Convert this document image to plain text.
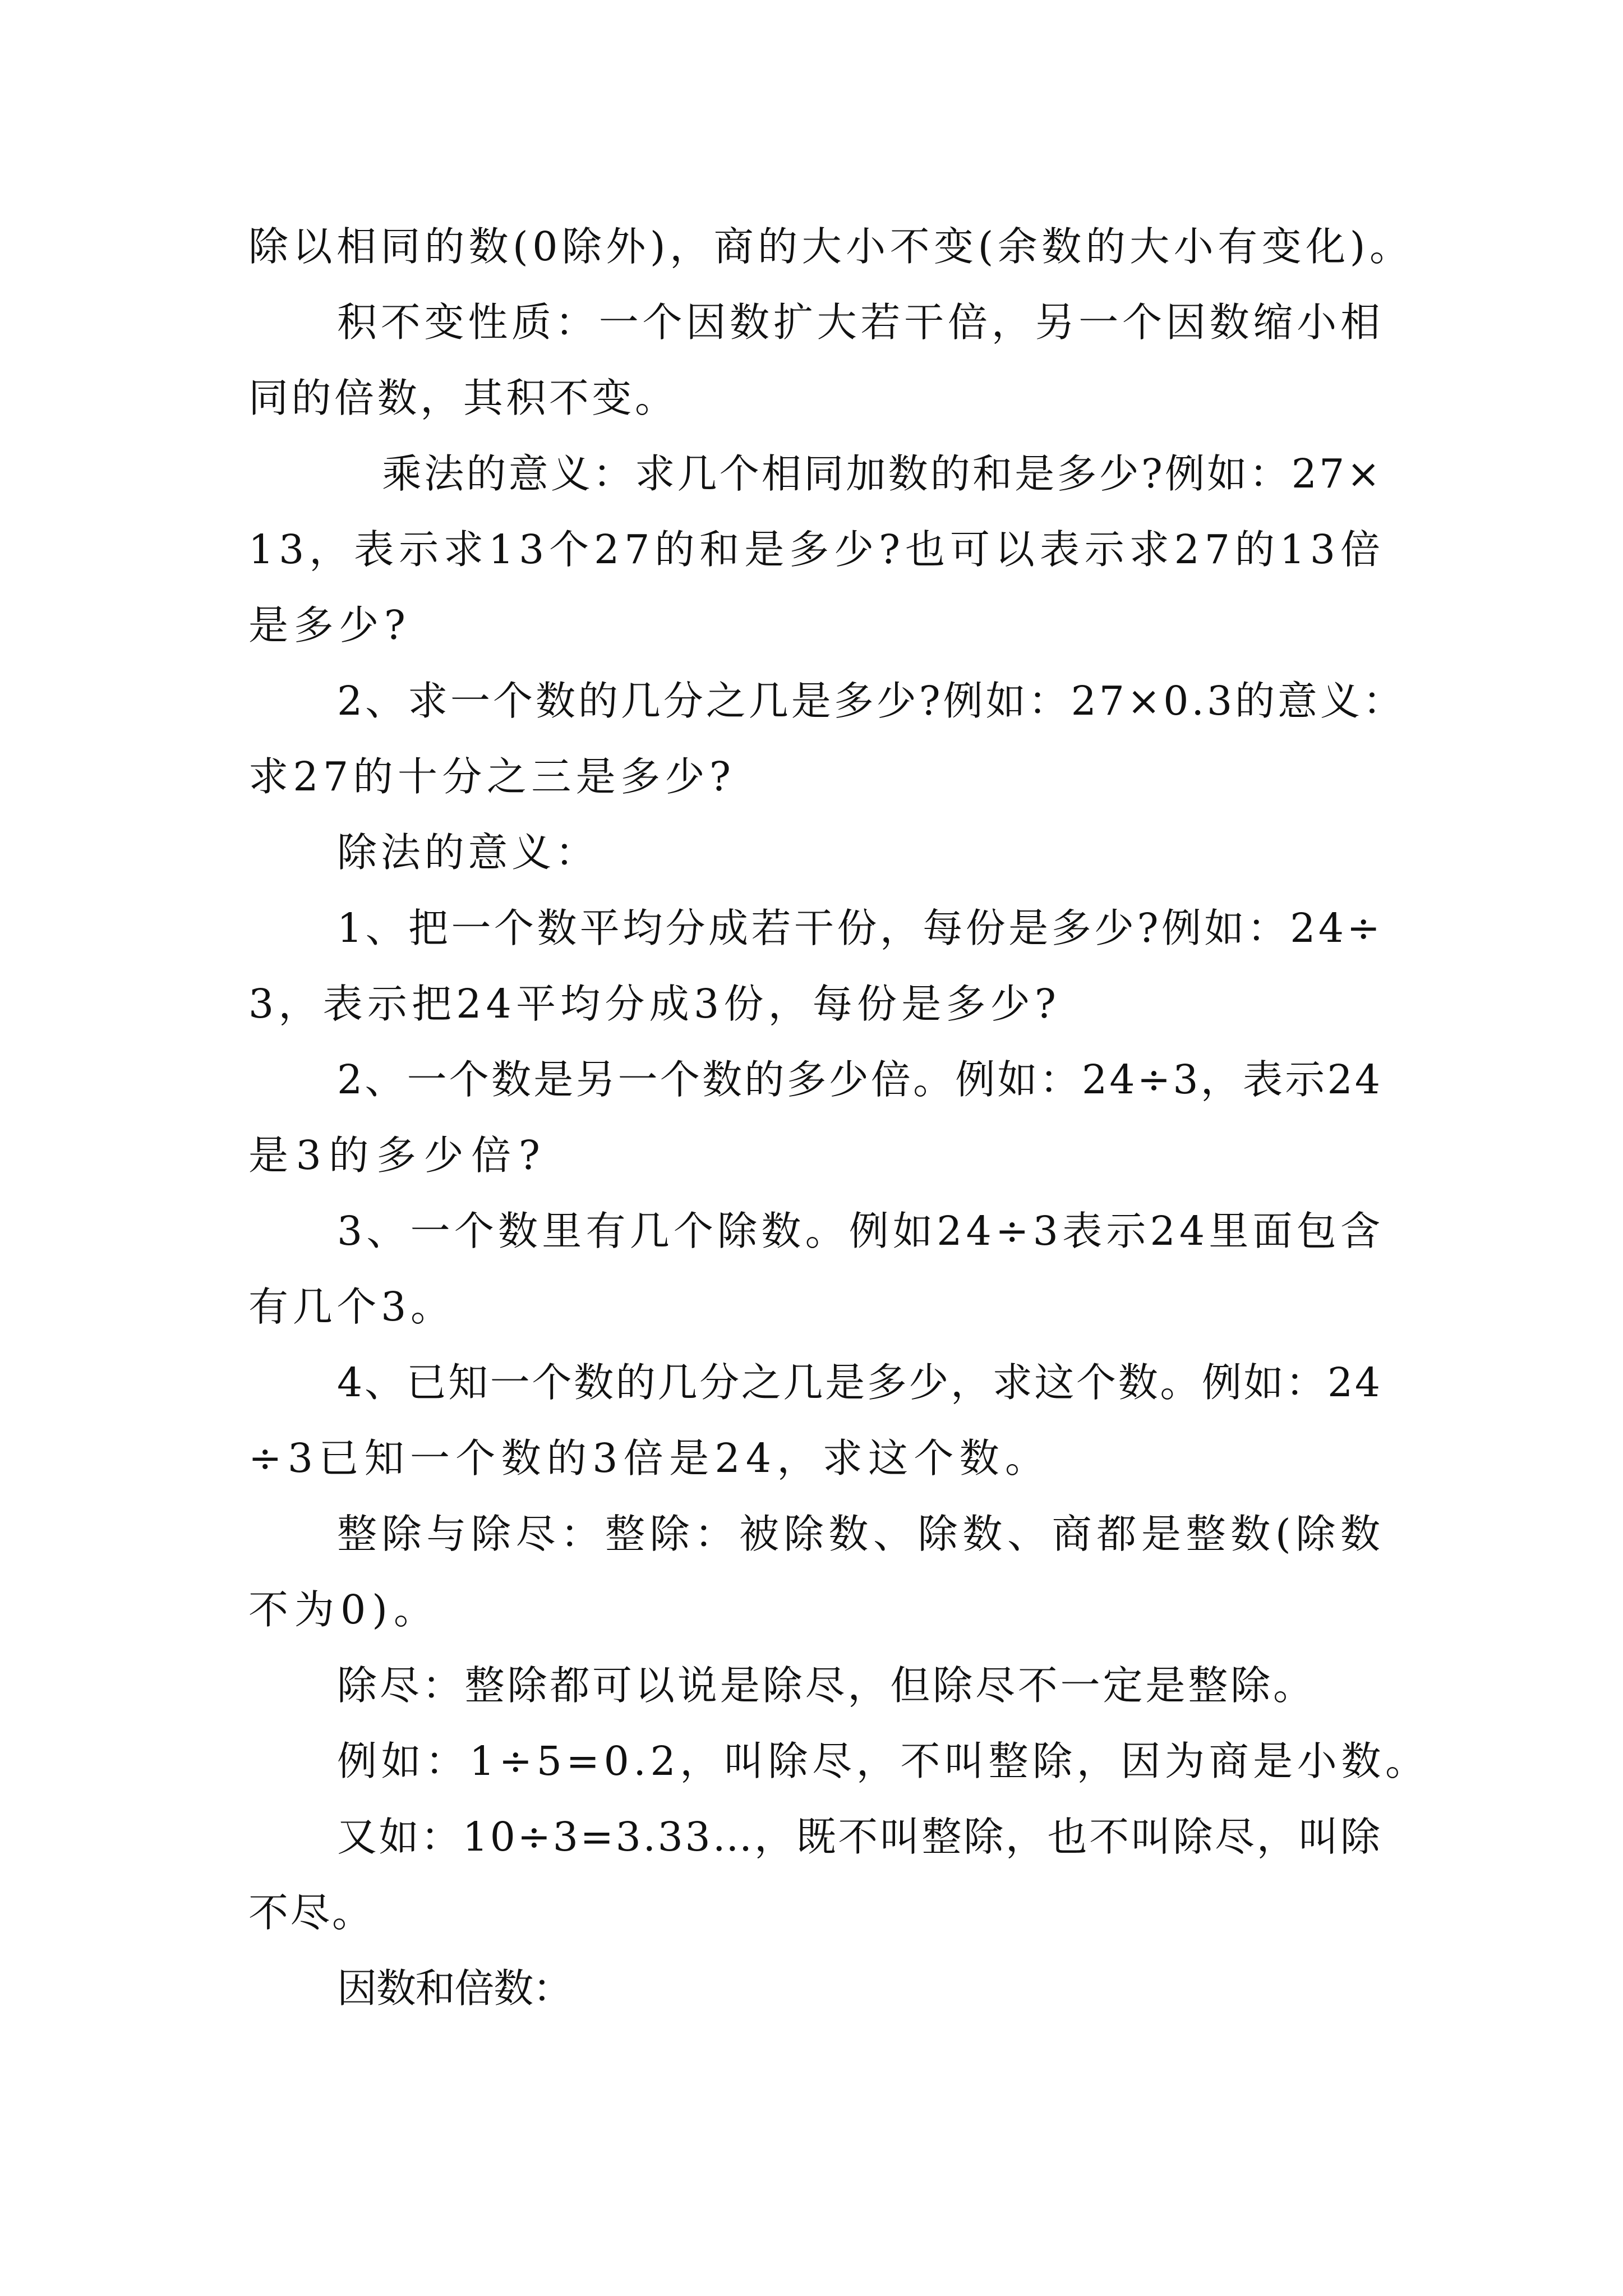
除以相同的数(0除外)，商的大小不变(余数的大小有变化)。

积不变性质：一个因数扩大若干倍，另一个因数缩小相

同的倍数，其积不变。

乘法的意义：求几个相同加数的和是多少?例如：27×

13，表示求13个27的和是多少?也可以表示求27的13倍

是多少?

2、求一个数的几分之几是多少?例如：27×0.3的意义：

求27的十分之三是多少?

除法的意义：

1、把一个数平均分成若干份，每份是多少?例如：24÷

3，表示把24平均分成3份，每份是多少?

2、一个数是另一个数的多少倍。例如：24÷3，表示24

是3的多少倍?

3、一个数里有几个除数。例如24÷3表示24里面包含

有几个3。

4、已知一个数的几分之几是多少，求这个数。例如：24

÷3已知一个数的3倍是24，求这个数。

整除与除尽：整除：被除数、除数、商都是整数(除数

不为0)。

除尽：整除都可以说是除尽，但除尽不一定是整除。

例如：1÷5=0.2，叫除尽，不叫整除，因为商是小数。

又如：10÷3=3.33…，既不叫整除，也不叫除尽，叫除

不尽。

因数和倍数：
